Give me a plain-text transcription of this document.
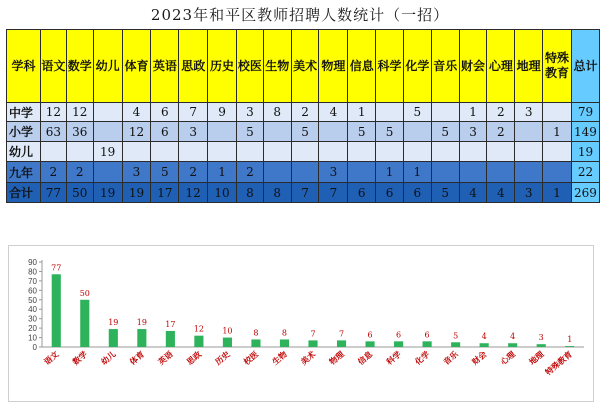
2023年和平区教师招聘人数统计（一招）
学科	语文	数学	幼儿	体育	英语	思政	历史	校医	生物	美术	物理	信息	科学	化学	音乐	财会	心理	地理	特殊教育	总计
中学	12	12		4	6	7	9	3	8	2	4	1		5		1	2	3		79
小学	63	36		12	6	3		5		5		5	5		5	3	2		1	149
幼儿			19																	19
九年	2	2		3	5	2	1	2			3		1	1						22
合计	77	50	19	19	17	12	10	8	8	7	7	6	6	6	5	4	4	3	1	269
0
10
20
30
40
50
60
70
80
90
77
语文
50
数学
19
幼儿
19
体育
17
英语
12
思政
10
历史
8
校医
8
生物
7
美术
7
物理
6
信息
6
科学
6
化学
5
音乐
4
财会
4
心理
3
地理
1
特殊教育
